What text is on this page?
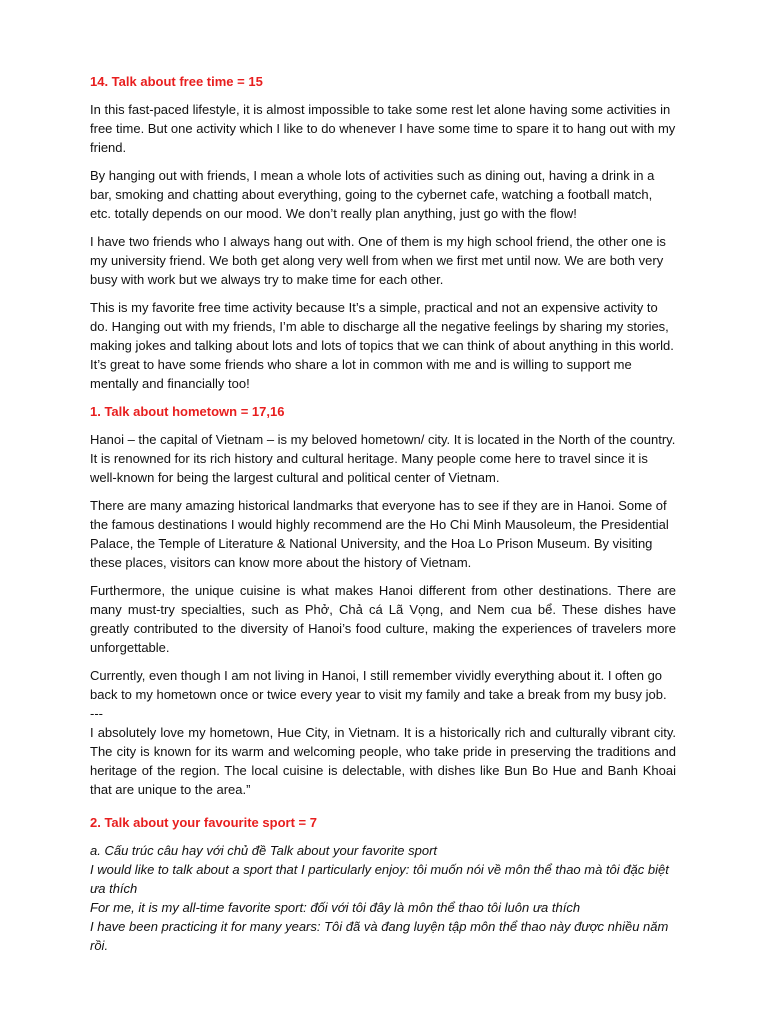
14. Talk about free time = 15

In this fast-paced lifestyle, it is almost impossible to take some rest let alone having some activities in free time. But one activity which I like to do whenever I have some time to spare it to hang out with my friend.

By hanging out with friends, I mean a whole lots of activities such as dining out, having a drink in a bar, smoking and chatting about everything, going to the cybernet cafe, watching a football match, etc. totally depends on our mood. We don’t really plan anything, just go with the flow!

I have two friends who I always hang out with. One of them is my high school friend, the other one is my university friend. We both get along very well from when we first met until now. We are both very busy with work but we always try to make time for each other.

This is my favorite free time activity because It’s a simple, practical and not an expensive activity to do. Hanging out with my friends, I’m able to discharge all the negative feelings by sharing my stories, making jokes and talking about lots and lots of topics that we can think of about anything in this world. It’s great to have some friends who share a lot in common with me and is willing to support me mentally and financially too!

1. Talk about hometown = 17,16

Hanoi – the capital of Vietnam – is my beloved hometown/ city. It is located in the North of the country. It is renowned for its rich history and cultural heritage. Many people come here to travel since it is well-known for being the largest cultural and political center of Vietnam.

There are many amazing historical landmarks that everyone has to see if they are in Hanoi. Some of the famous destinations I would highly recommend are the Ho Chi Minh Mausoleum, the Presidential Palace, the Temple of Literature & National University, and the Hoa Lo Prison Museum. By visiting these places, visitors can know more about the history of Vietnam.

Furthermore, the unique cuisine is what makes Hanoi different from other destinations. There are many must-try specialties, such as Phở, Chả cá Lã Vọng, and Nem cua bể. These dishes have greatly contributed to the diversity of Hanoi’s food culture, making the experiences of travelers more unforgettable.

Currently, even though I am not living in Hanoi, I still remember vividly everything about it. I often go back to my hometown once or twice every year to visit my family and take a break from my busy job.

---

I absolutely love my hometown, Hue City, in Vietnam. It is a historically rich and culturally vibrant city. The city is known for its warm and welcoming people, who take pride in preserving the traditions and heritage of the region. The local cuisine is delectable, with dishes like Bun Bo Hue and Banh Khoai that are unique to the area.”

2. Talk about your favourite sport = 7
a. Cấu trúc câu hay với chủ đề Talk about your favorite sport
I would like to talk about a sport that I particularly enjoy: tôi muốn nói về môn thể thao mà tôi đặc biệt ưa thích
For me, it is my all-time favorite sport: đối với tôi đây là môn thể thao tôi luôn ưa thích
I have been practicing it for many years: Tôi đã và đang luyện tập môn thể thao này được nhiều năm rồi.
